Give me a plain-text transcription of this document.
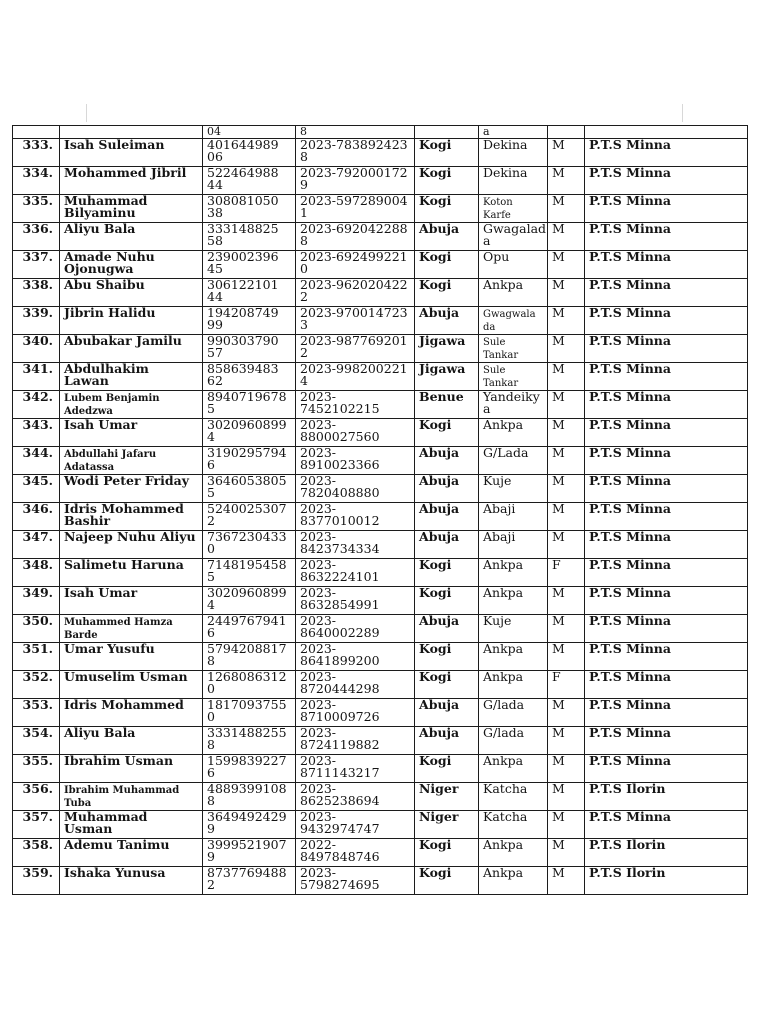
		04	8		a		
333.	Isah Suleiman	401644989
06	2023-783892423
8	Kogi	Dekina	M	P.T.S Minna
334.	Mohammed Jibril	522464988
44	2023-792000172
9	Kogi	Dekina	M	P.T.S Minna
335.	Muhammad
Bilyaminu	308081050
38	2023-597289004
1	Kogi	Koton
Karfe	M	P.T.S Minna
336.	Aliyu Bala	333148825
58	2023-692042288
8	Abuja	Gwagalad
a	M	P.T.S Minna
337.	Amade Nuhu
Ojonugwa	239002396
45	2023-692499221
0	Kogi	Opu	M	P.T.S Minna
338.	Abu Shaibu	306122101
44	2023-962020422
2	Kogi	Ankpa	M	P.T.S Minna
339.	Jibrin Halidu	194208749
99	2023-970014723
3	Abuja	Gwagwala
da	M	P.T.S Minna
340.	Abubakar Jamilu	990303790
57	2023-987769201
2	Jigawa	Sule
Tankar	M	P.T.S Minna
341.	Abdulhakim
Lawan	858639483
62	2023-998200221
4	Jigawa	Sule
Tankar	M	P.T.S Minna
342.	Lubem Benjamin
Adedzwa	8940719678
5	2023-7452102215	Benue	Yandeiky
a	M	P.T.S Minna
343.	Isah Umar	3020960899
4	2023-8800027560	Kogi	Ankpa	M	P.T.S Minna
344.	Abdullahi Jafaru
Adatassa	3190295794
6	2023-8910023366	Abuja	G/Lada	M	P.T.S Minna
345.	Wodi Peter Friday	3646053805
5	2023-7820408880	Abuja	Kuje	M	P.T.S Minna
346.	Idris Mohammed
Bashir	5240025307
2	2023-8377010012	Abuja	Abaji	M	P.T.S Minna
347.	Najeep Nuhu Aliyu	7367230433
0	2023-8423734334	Abuja	Abaji	M	P.T.S Minna
348.	Salimetu Haruna	7148195458
5	2023-8632224101	Kogi	Ankpa	F	P.T.S Minna
349.	Isah Umar	3020960899
4	2023-8632854991	Kogi	Ankpa	M	P.T.S Minna
350.	Muhammed Hamza
Barde	2449767941
6	2023-8640002289	Abuja	Kuje	M	P.T.S Minna
351.	Umar Yusufu	5794208817
8	2023-8641899200	Kogi	Ankpa	M	P.T.S Minna
352.	Umuselim Usman	1268086312
0	2023-8720444298	Kogi	Ankpa	F	P.T.S Minna
353.	Idris Mohammed	1817093755
0	2023-8710009726	Abuja	G/lada	M	P.T.S Minna
354.	Aliyu Bala	3331488255
8	2023-8724119882	Abuja	G/lada	M	P.T.S Minna
355.	Ibrahim Usman	1599839227
6	2023-8711143217	Kogi	Ankpa	M	P.T.S Minna
356.	Ibrahim Muhammad
Tuba	4889399108
8	2023-8625238694	Niger	Katcha	M	P.T.S Ilorin
357.	Muhammad Usman	3649492429
9	2023-9432974747	Niger	Katcha	M	P.T.S Minna
358.	Ademu Tanimu	3999521907
9	2022-8497848746	Kogi	Ankpa	M	P.T.S Ilorin
359.	Ishaka Yunusa	8737769488
2	2023-5798274695	Kogi	Ankpa	M	P.T.S Ilorin
